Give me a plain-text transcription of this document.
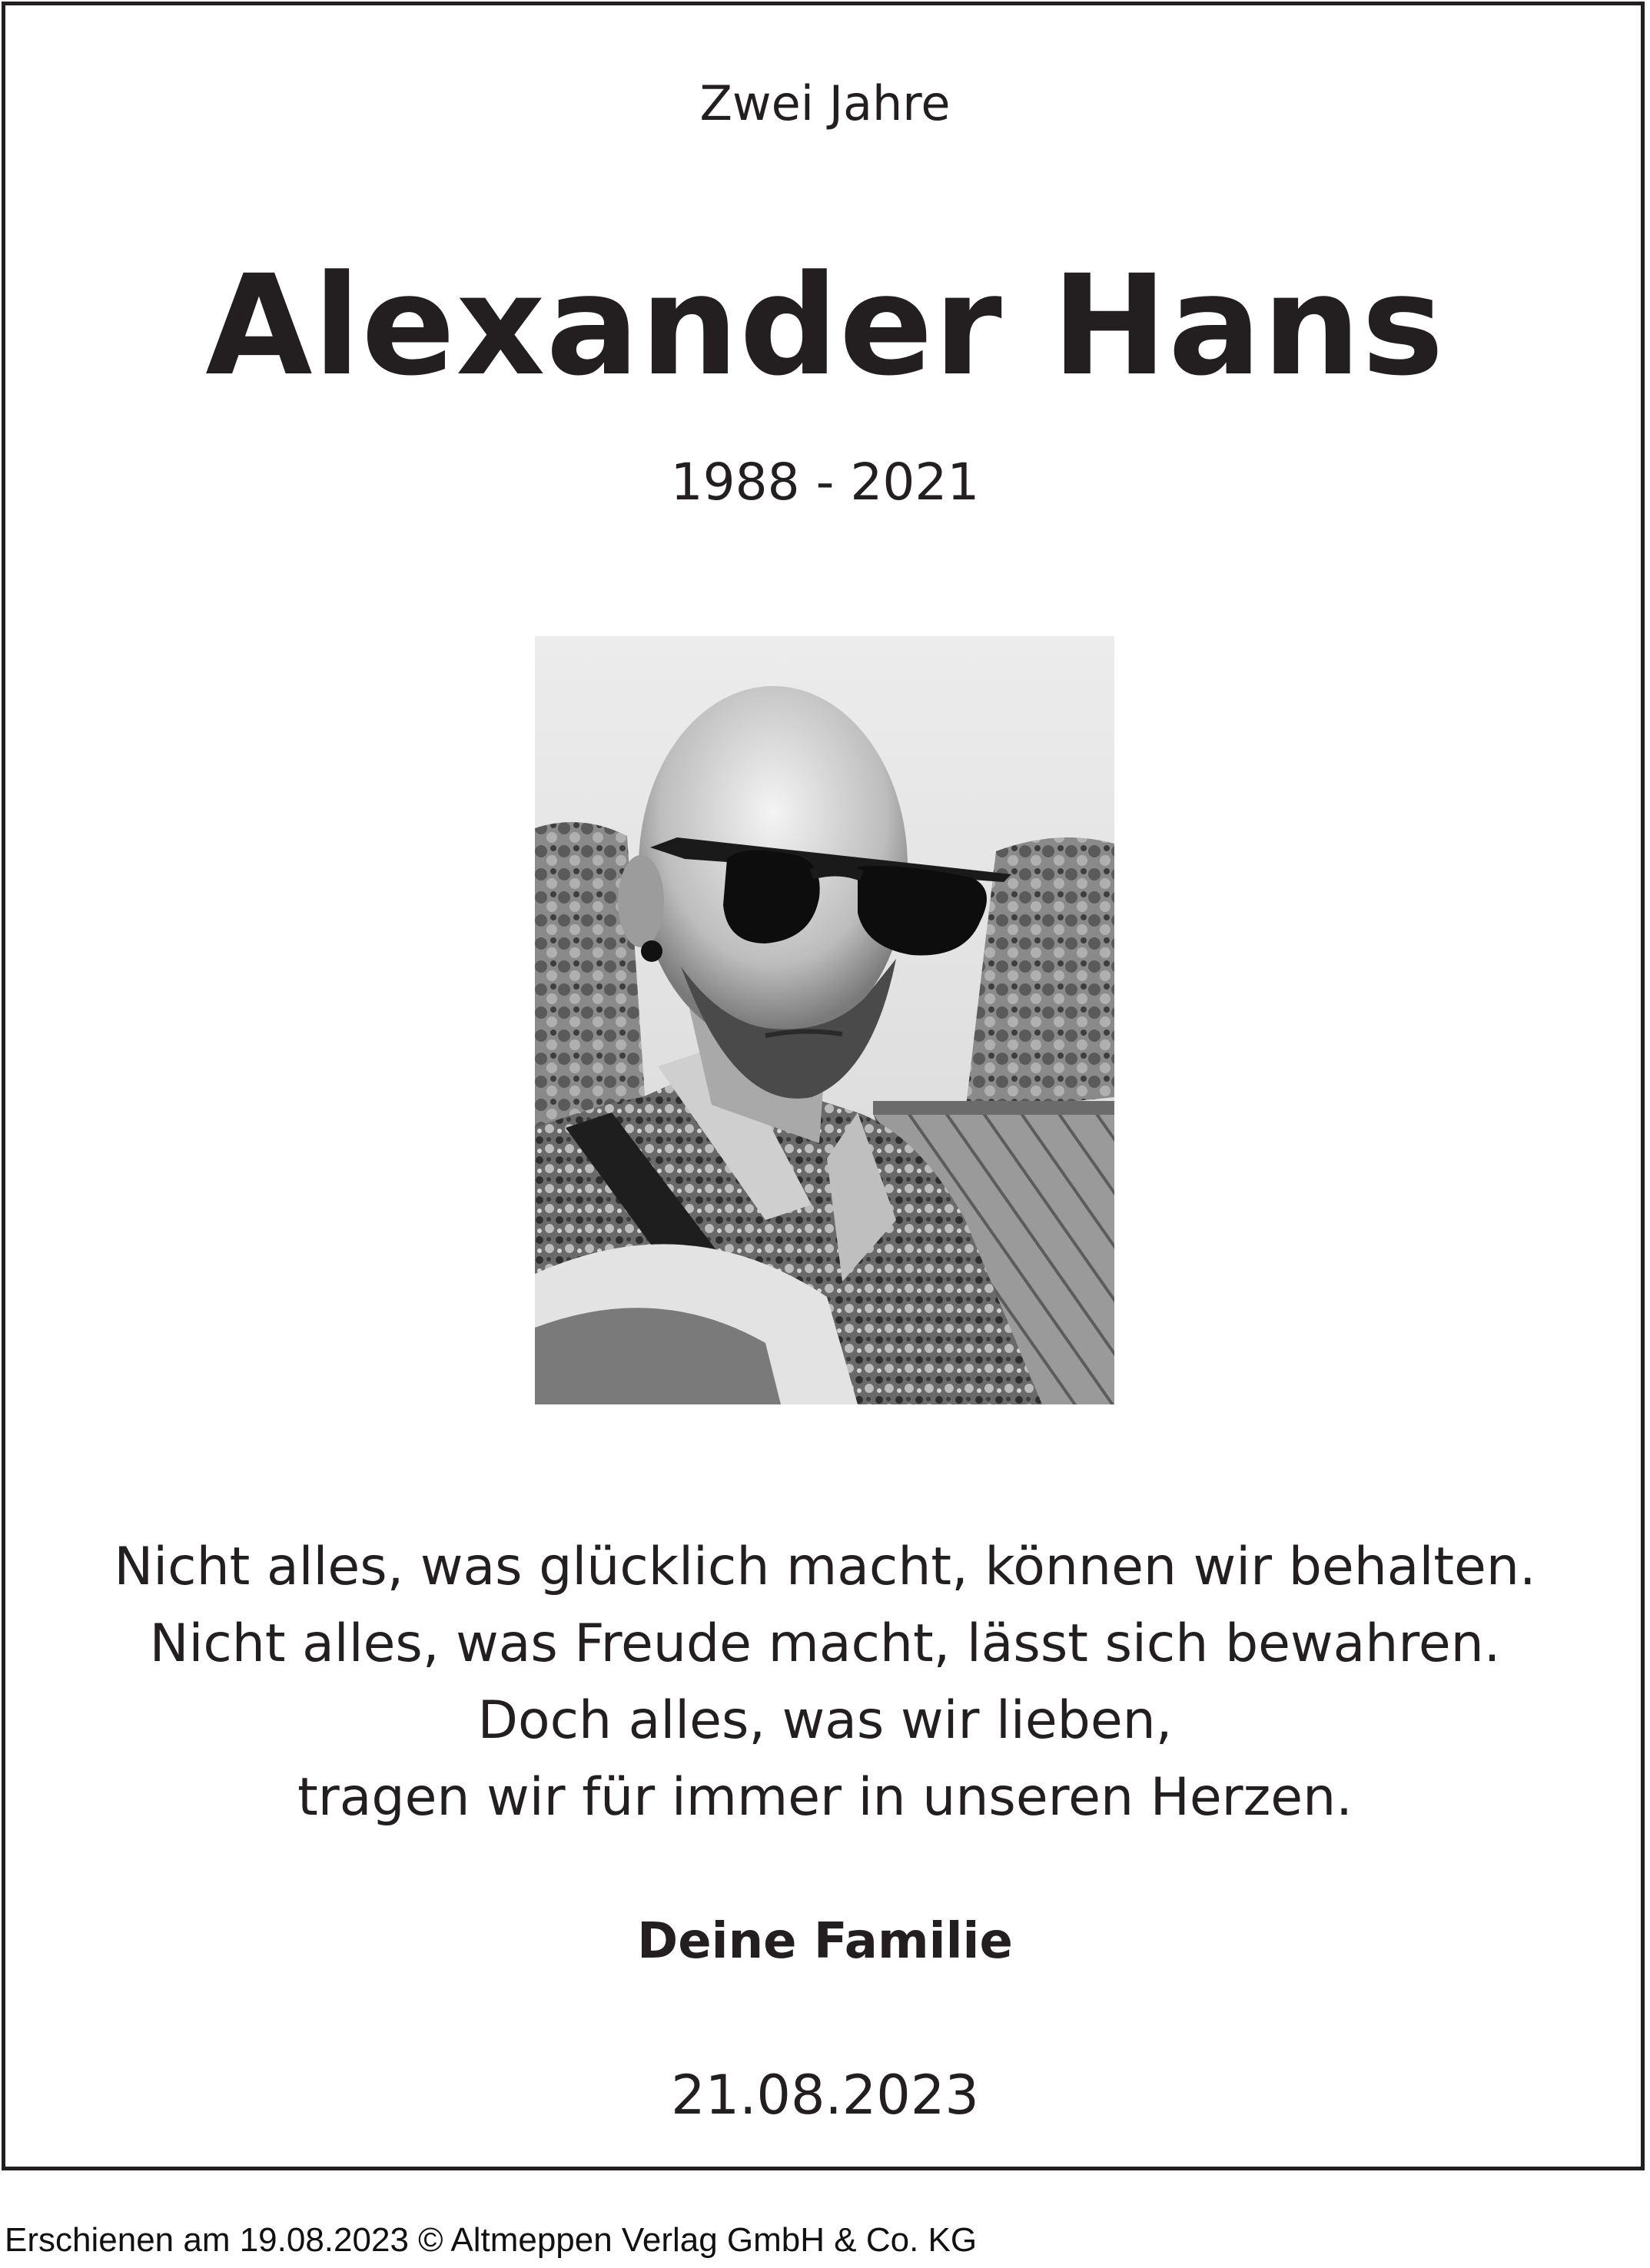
Zwei Jahre
Alexander Hans
1988 - 2021
Nicht alles, was glücklich macht, können wir behalten.
Nicht alles, was Freude macht, lässt sich bewahren.
Doch alles, was wir lieben,
tragen wir für immer in unseren Herzen.
Deine Familie
21.08.2023
Erschienen am 19.08.2023 © Altmeppen Verlag GmbH & Co. KG
